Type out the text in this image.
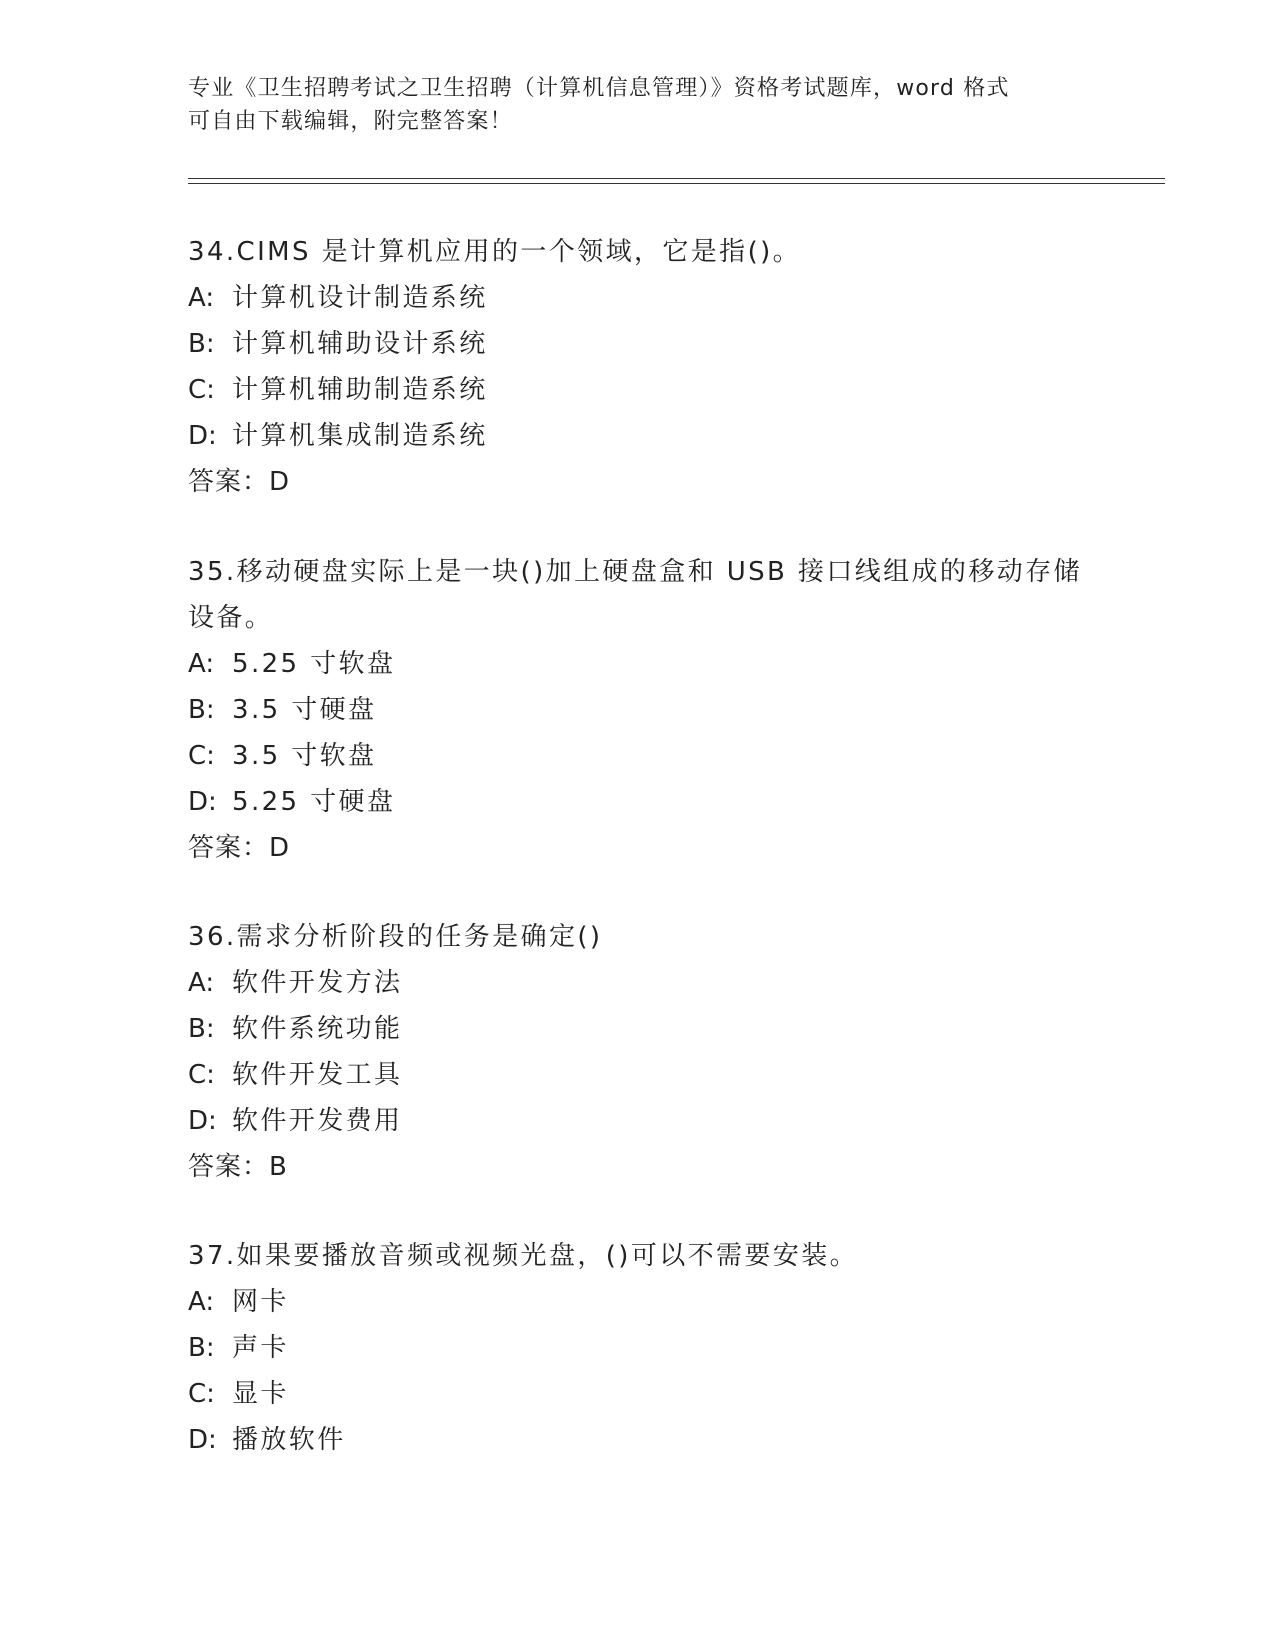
专业《卫生招聘考试之卫生招聘（计算机信息管理）》资格考试题库，word 格式
可自由下载编辑，附完整答案！

34.CIMS 是计算机应用的一个领域，它是指()。

A: 计算机设计制造系统

B: 计算机辅助设计系统

C: 计算机辅助制造系统

D: 计算机集成制造系统

答案：D

35.移动硬盘实际上是一块()加上硬盘盒和 USB 接口线组成的移动存储设备。

A: 5.25 寸软盘

B: 3.5 寸硬盘

C: 3.5 寸软盘

D: 5.25 寸硬盘

答案：D

36.需求分析阶段的任务是确定()

A: 软件开发方法

B: 软件系统功能

C: 软件开发工具

D: 软件开发费用

答案：B

37.如果要播放音频或视频光盘，()可以不需要安装。

A: 网卡

B: 声卡

C: 显卡

D: 播放软件
